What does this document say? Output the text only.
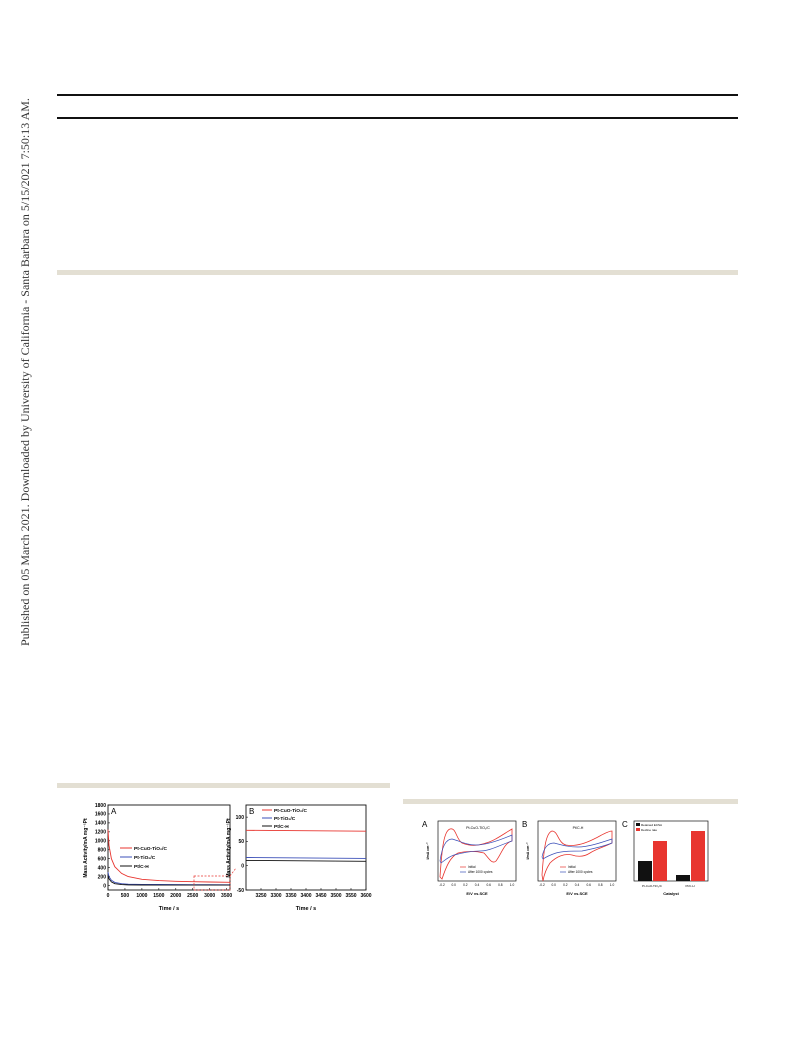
Published on 05 March 2021. Downloaded by University of California - Santa Barbara on 5/15/2021 7:50:13 AM.
A
1800
1600
1400
1200
1000
800
600
400
200
0
0 500 1000 1500 2000 2500 3000 3500
Pt-CuO-TiO₂/C
Pt-TiO₂/C
Pt/C-H
Time / s
Mass Activity/mA mg⁻¹Pt
B
100
50
0
-50
3250 3300 3350 3400 3450 3500 3550 3600
Pt-CuO-TiO₂/C
Pt-TiO₂/C
Pt/C-H
Time / s
Mass Activity/mA mg⁻¹Pt	A	Pt-CuO-TiO₂/C
Initial
After 1000 cycles
-0.2 0.0 0.2 0.4 0.6 0.8 1.0
E/V vs.SCE
I/mA cm⁻²
B	Pt/C-H
Initial
After 1000 cycles
-0.2 0.0 0.2 0.4 0.6 0.8 1.0
E/V vs.SCE
I/mA cm⁻²
C	Retained ECSA
Decline rate
Pt-CuO-TiO₂/C	Pt/C-H
Catalyst
